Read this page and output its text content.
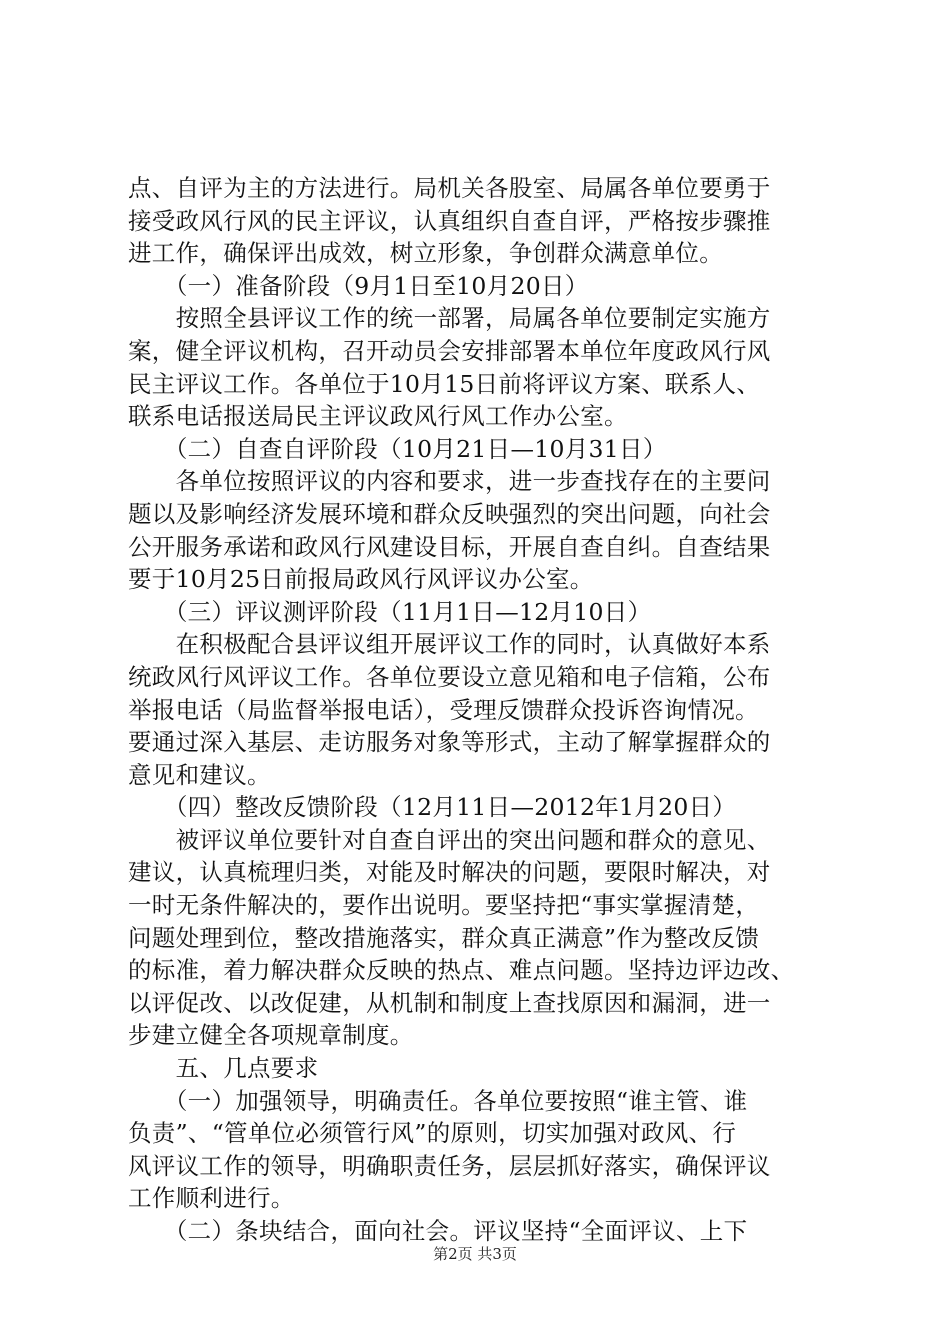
点、自评为主的方法进行。局机关各股室、局属各单位要勇于
接受政风行风的民主评议，认真组织自查自评，严格按步骤推
进工作，确保评出成效，树立形象，争创群众满意单位。
　　（一）准备阶段（9月1日至10月20日）
　　按照全县评议工作的统一部署，局属各单位要制定实施方
案，健全评议机构，召开动员会安排部署本单位年度政风行风
民主评议工作。各单位于10月15日前将评议方案、联系人、
联系电话报送局民主评议政风行风工作办公室。
　　（二）自查自评阶段（10月21日—10月31日）
　　各单位按照评议的内容和要求，进一步查找存在的主要问
题以及影响经济发展环境和群众反映强烈的突出问题，向社会
公开服务承诺和政风行风建设目标，开展自查自纠。自查结果
要于10月25日前报局政风行风评议办公室。
　　（三）评议测评阶段（11月1日—12月10日）
　　在积极配合县评议组开展评议工作的同时，认真做好本系
统政风行风评议工作。各单位要设立意见箱和电子信箱，公布
举报电话（局监督举报电话），受理反馈群众投诉咨询情况。
要通过深入基层、走访服务对象等形式，主动了解掌握群众的
意见和建议。
　　（四）整改反馈阶段（12月11日—2012年1月20日）
　　被评议单位要针对自查自评出的突出问题和群众的意见、
建议，认真梳理归类，对能及时解决的问题，要限时解决，对
一时无条件解决的，要作出说明。要坚持把“事实掌握清楚，
问题处理到位，整改措施落实，群众真正满意”作为整改反馈
的标准，着力解决群众反映的热点、难点问题。坚持边评边改、
以评促改、以改促建，从机制和制度上查找原因和漏洞，进一
步建立健全各项规章制度。
　　五、几点要求
　　（一）加强领导，明确责任。各单位要按照“谁主管、谁
负责”、“管单位必须管行风”的原则，切实加强对政风、行
风评议工作的领导，明确职责任务，层层抓好落实，确保评议
工作顺利进行。
　　（二）条块结合，面向社会。评议坚持“全面评议、上下
第2页 共3页
